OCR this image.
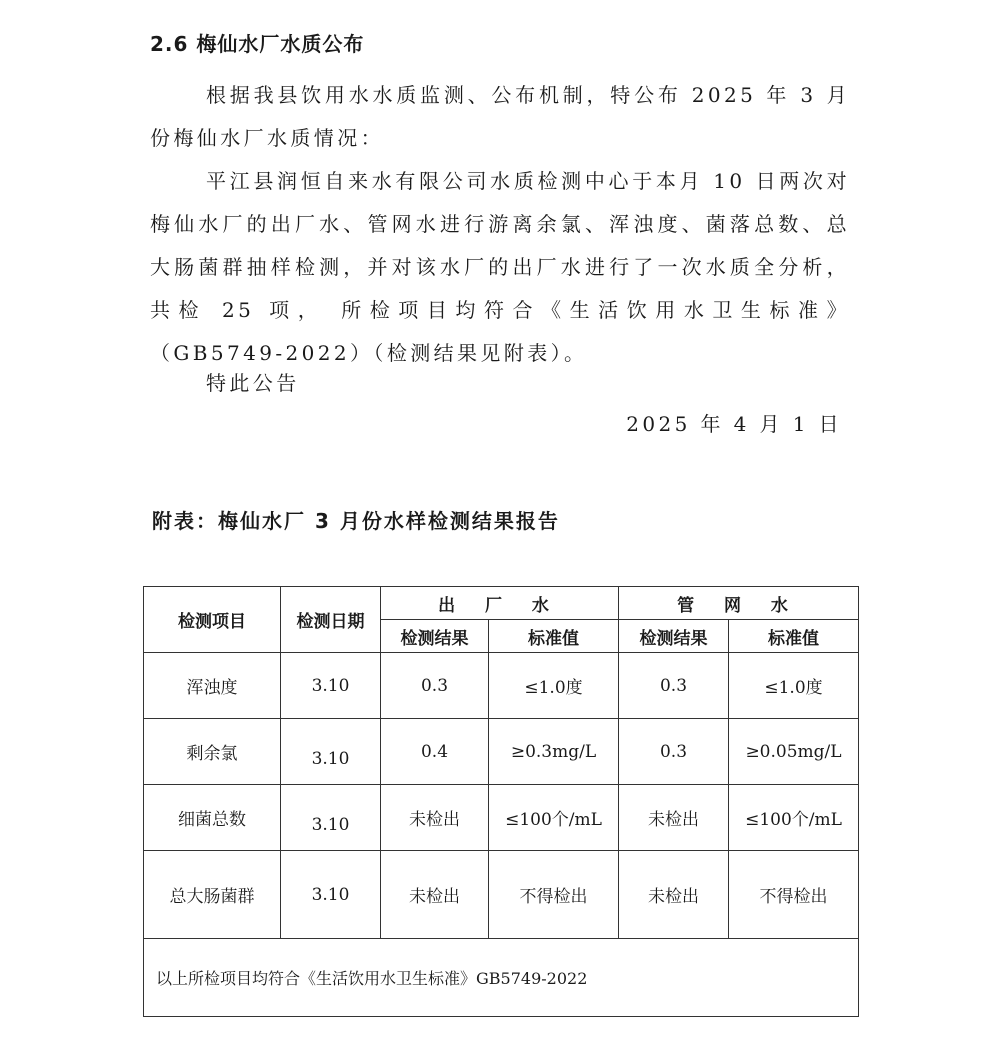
2.6 梅仙水厂水质公布

根据我县饮用水水质监测、公布机制，特公布 2025 年 3 月份梅仙水厂水质情况：

平江县润恒自来水有限公司水质检测中心于本月 10 日两次对梅仙水厂的出厂水、管网水进行游离余氯、浑浊度、菌落总数、总大肠菌群抽样检测，并对该水厂的出厂水进行了一次水质全分析，共检 25 项， 所检项目均符合《生活饮用水卫生标准》（GB5749-2022）（检测结果见附表）。

特此公告

2025 年 4 月 1 日
附表：梅仙水厂 3 月份水样检测结果报告
检测项目	检测日期	出 厂 水		管 网 水	
		检测结果	标准值	检测结果	标准值
浑浊度	3.10	0.3	≤1.0度	0.3	≤1.0度
剩余氯	3.10	0.4	≥0.3mg/L	0.3	≥0.05mg/L
细菌总数	3.10	未检出	≤100个/mL	未检出	≤100个/mL
总大肠菌群	3.10	未检出	不得检出	未检出	不得检出
以上所检项目均符合《生活饮用水卫生标准》GB5749-2022					
